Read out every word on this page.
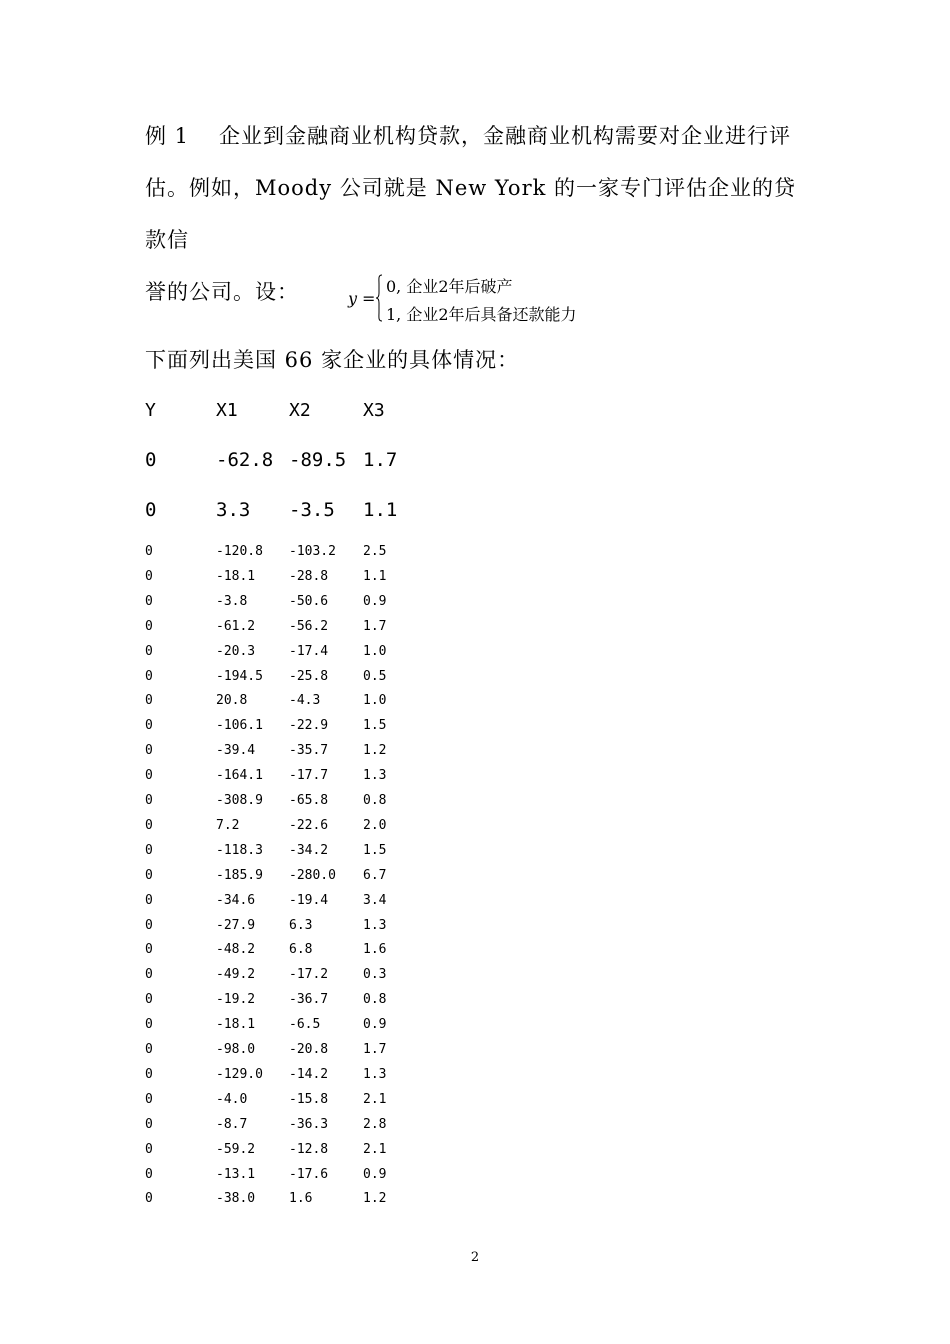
例 1 企业到金融商业机构贷款，金融商业机构需要对企业进行评
估。例如，Moody 公司就是 New York 的一家专门评估企业的贷款信
誉的公司。设：	y =
0, 企业2年后破产
1, 企业2年后具备还款能力
下面列出美国 66 家企业的具体情况：
Y	X1	X2	X3
0	-62.8 -89.5 1.7
0	3.3 -3.5 1.1
0	-120.8 -103.2 2.5
0	-18.1	-28.8	1.1
0	-3.8	-50.6	0.9
0	-61.2	-56.2	1.7
0	-20.3	-17.4	1.0
0	-194.5 -25.8	0.5
0	20.8	-4.3	1.0
0	-106.1 -22.9	1.5
0	-39.4	-35.7	1.2
0	-164.1 -17.7	1.3
0	-308.9 -65.8	0.8
0	7.2	-22.6	2.0
0	-118.3 -34.2	1.5
0	-185.9 -280.0 6.7
0	-34.6	-19.4	3.4
0	-27.9	6.3	1.3
0	-48.2	6.8	1.6
0	-49.2	-17.2	0.3
0	-19.2	-36.7	0.8
0	-18.1	-6.5	0.9
0	-98.0	-20.8	1.7
0	-129.0 -14.2	1.3
0	-4.0	-15.8	2.1
0	-8.7	-36.3	2.8
0	-59.2	-12.8	2.1
0	-13.1	-17.6	0.9
0	-38.0	1.6	1.2
2
